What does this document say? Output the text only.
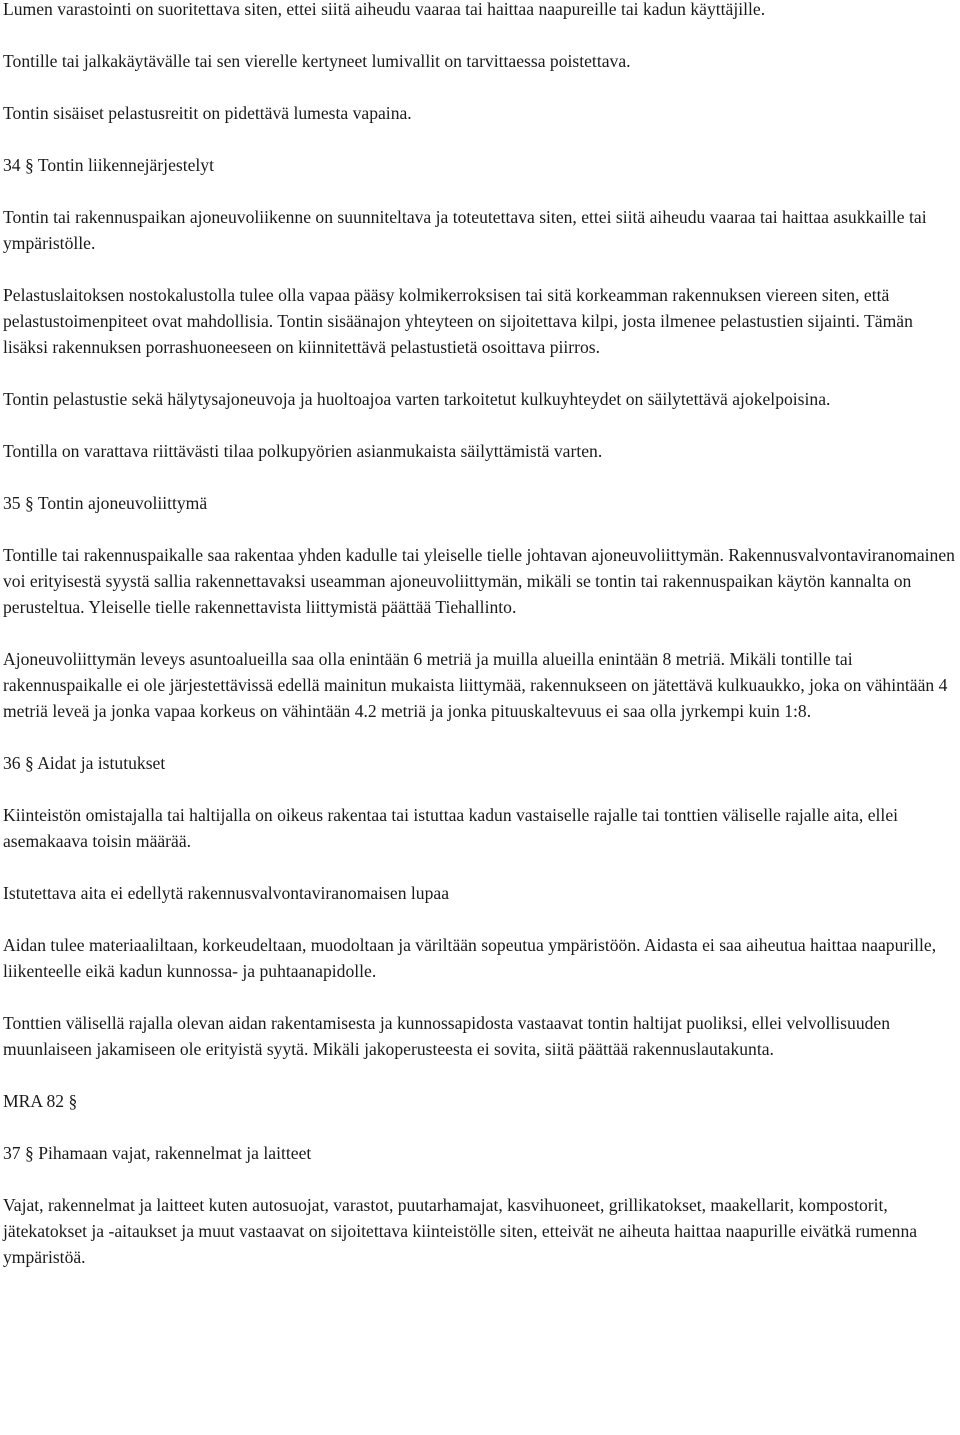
Lumen varastointi on suoritettava siten, ettei siitä aiheudu vaaraa tai haittaa naapureille tai kadun käyttäjille.

Tontille tai jalkakäytävälle tai sen vierelle kertyneet lumivallit on tarvittaessa poistettava.

Tontin sisäiset pelastusreitit on pidettävä lumesta vapaina.

34 § Tontin liikennejärjestelyt

Tontin tai rakennuspaikan ajoneuvoliikenne on suunniteltava ja toteutettava siten, ettei siitä aiheudu vaaraa tai haittaa asukkaille tai ympäristölle.

Pelastuslaitoksen nostokalustolla tulee olla vapaa pääsy kolmikerroksisen tai sitä korkeamman rakennuksen viereen siten, että pelastustoimenpiteet ovat mahdollisia. Tontin sisäänajon yhteyteen on sijoitettava kilpi, josta ilmenee pelastustien sijainti. Tämän lisäksi rakennuksen porrashuoneeseen on kiinnitettävä pelastustietä osoittava piirros.

Tontin pelastustie sekä hälytysajoneuvoja ja huoltoajoa varten tarkoitetut kulkuyhteydet on säilytettävä ajokelpoisina.

Tontilla on varattava riittävästi tilaa polkupyörien asianmukaista säilyttämistä varten.

35 § Tontin ajoneuvoliittymä

Tontille tai rakennuspaikalle saa rakentaa yhden kadulle tai yleiselle tielle johtavan ajoneuvoliittymän. Rakennusvalvontaviranomainen voi erityisestä syystä sallia rakennettavaksi useamman ajoneuvoliittymän, mikäli se tontin tai rakennuspaikan käytön kannalta on perusteltua. Yleiselle tielle rakennettavista liittymistä päättää Tiehallinto.

Ajoneuvoliittymän leveys asuntoalueilla saa olla enintään 6 metriä ja muilla alueilla enintään 8 metriä. Mikäli tontille tai rakennuspaikalle ei ole järjestettävissä edellä mainitun mukaista liittymää, rakennukseen on jätettävä kulkuaukko, joka on vähintään 4 metriä leveä ja jonka vapaa korkeus on vähintään 4.2 metriä ja jonka pituuskaltevuus ei saa olla jyrkempi kuin 1:8.

36 § Aidat ja istutukset

Kiinteistön omistajalla tai haltijalla on oikeus rakentaa tai istuttaa kadun vastaiselle rajalle tai tonttien väliselle rajalle aita, ellei asemakaava toisin määrää.

Istutettava aita ei edellytä rakennusvalvontaviranomaisen lupaa

Aidan tulee materiaaliltaan, korkeudeltaan, muodoltaan ja väriltään sopeutua ympäristöön. Aidasta ei saa aiheutua haittaa naapurille, liikenteelle eikä kadun kunnossa- ja puhtaanapidolle.

Tonttien välisellä rajalla olevan aidan rakentamisesta ja kunnossapidosta vastaavat tontin haltijat puoliksi, ellei velvollisuuden muunlaiseen jakamiseen ole erityistä syytä. Mikäli jakoperusteesta ei sovita, siitä päättää rakennuslautakunta.

MRA 82 §

37 § Pihamaan vajat, rakennelmat ja laitteet

Vajat, rakennelmat ja laitteet kuten autosuojat, varastot, puutarhamajat, kasvihuoneet, grillikatokset, maakellarit, kompostorit, jätekatokset ja -aitaukset ja muut vastaavat on sijoitettava kiinteistölle siten, etteivät ne aiheuta haittaa naapurille eivätkä rumenna ympäristöä.
